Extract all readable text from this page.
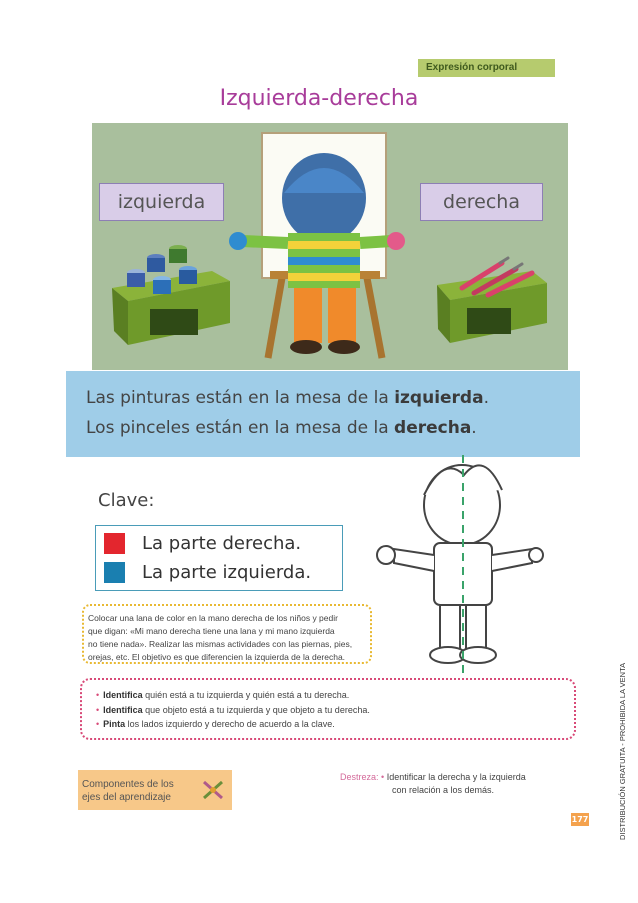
Expresión corporal
Izquierda-derecha
izquierda	derecha
Las pinturas están en la mesa de la izquierda.
Los pinceles están en la mesa de la derecha.
Clave:
La parte derecha.
La parte izquierda.
Colocar una lana de color en la mano derecha de los niños y pedir
que digan: «Mi mano derecha tiene una lana y mi mano izquierda
no tiene nada». Realizar las mismas actividades con las piernas, pies,
orejas, etc. El objetivo es que diferencien la izquierda de la derecha.
• Identifica quién está a tu izquierda y quién está a tu derecha.
• Identifica que objeto está a tu izquierda y que objeto a tu derecha.
• Pinta los lados izquierdo y derecho de acuerdo a la clave.
Componentes de los
ejes del aprendizaje
Destreza: • Identificar la derecha y la izquierda
con relación a los demás.
177	DISTRIBUCIÓN GRATUITA - PROHIBIDA LA VENTA
